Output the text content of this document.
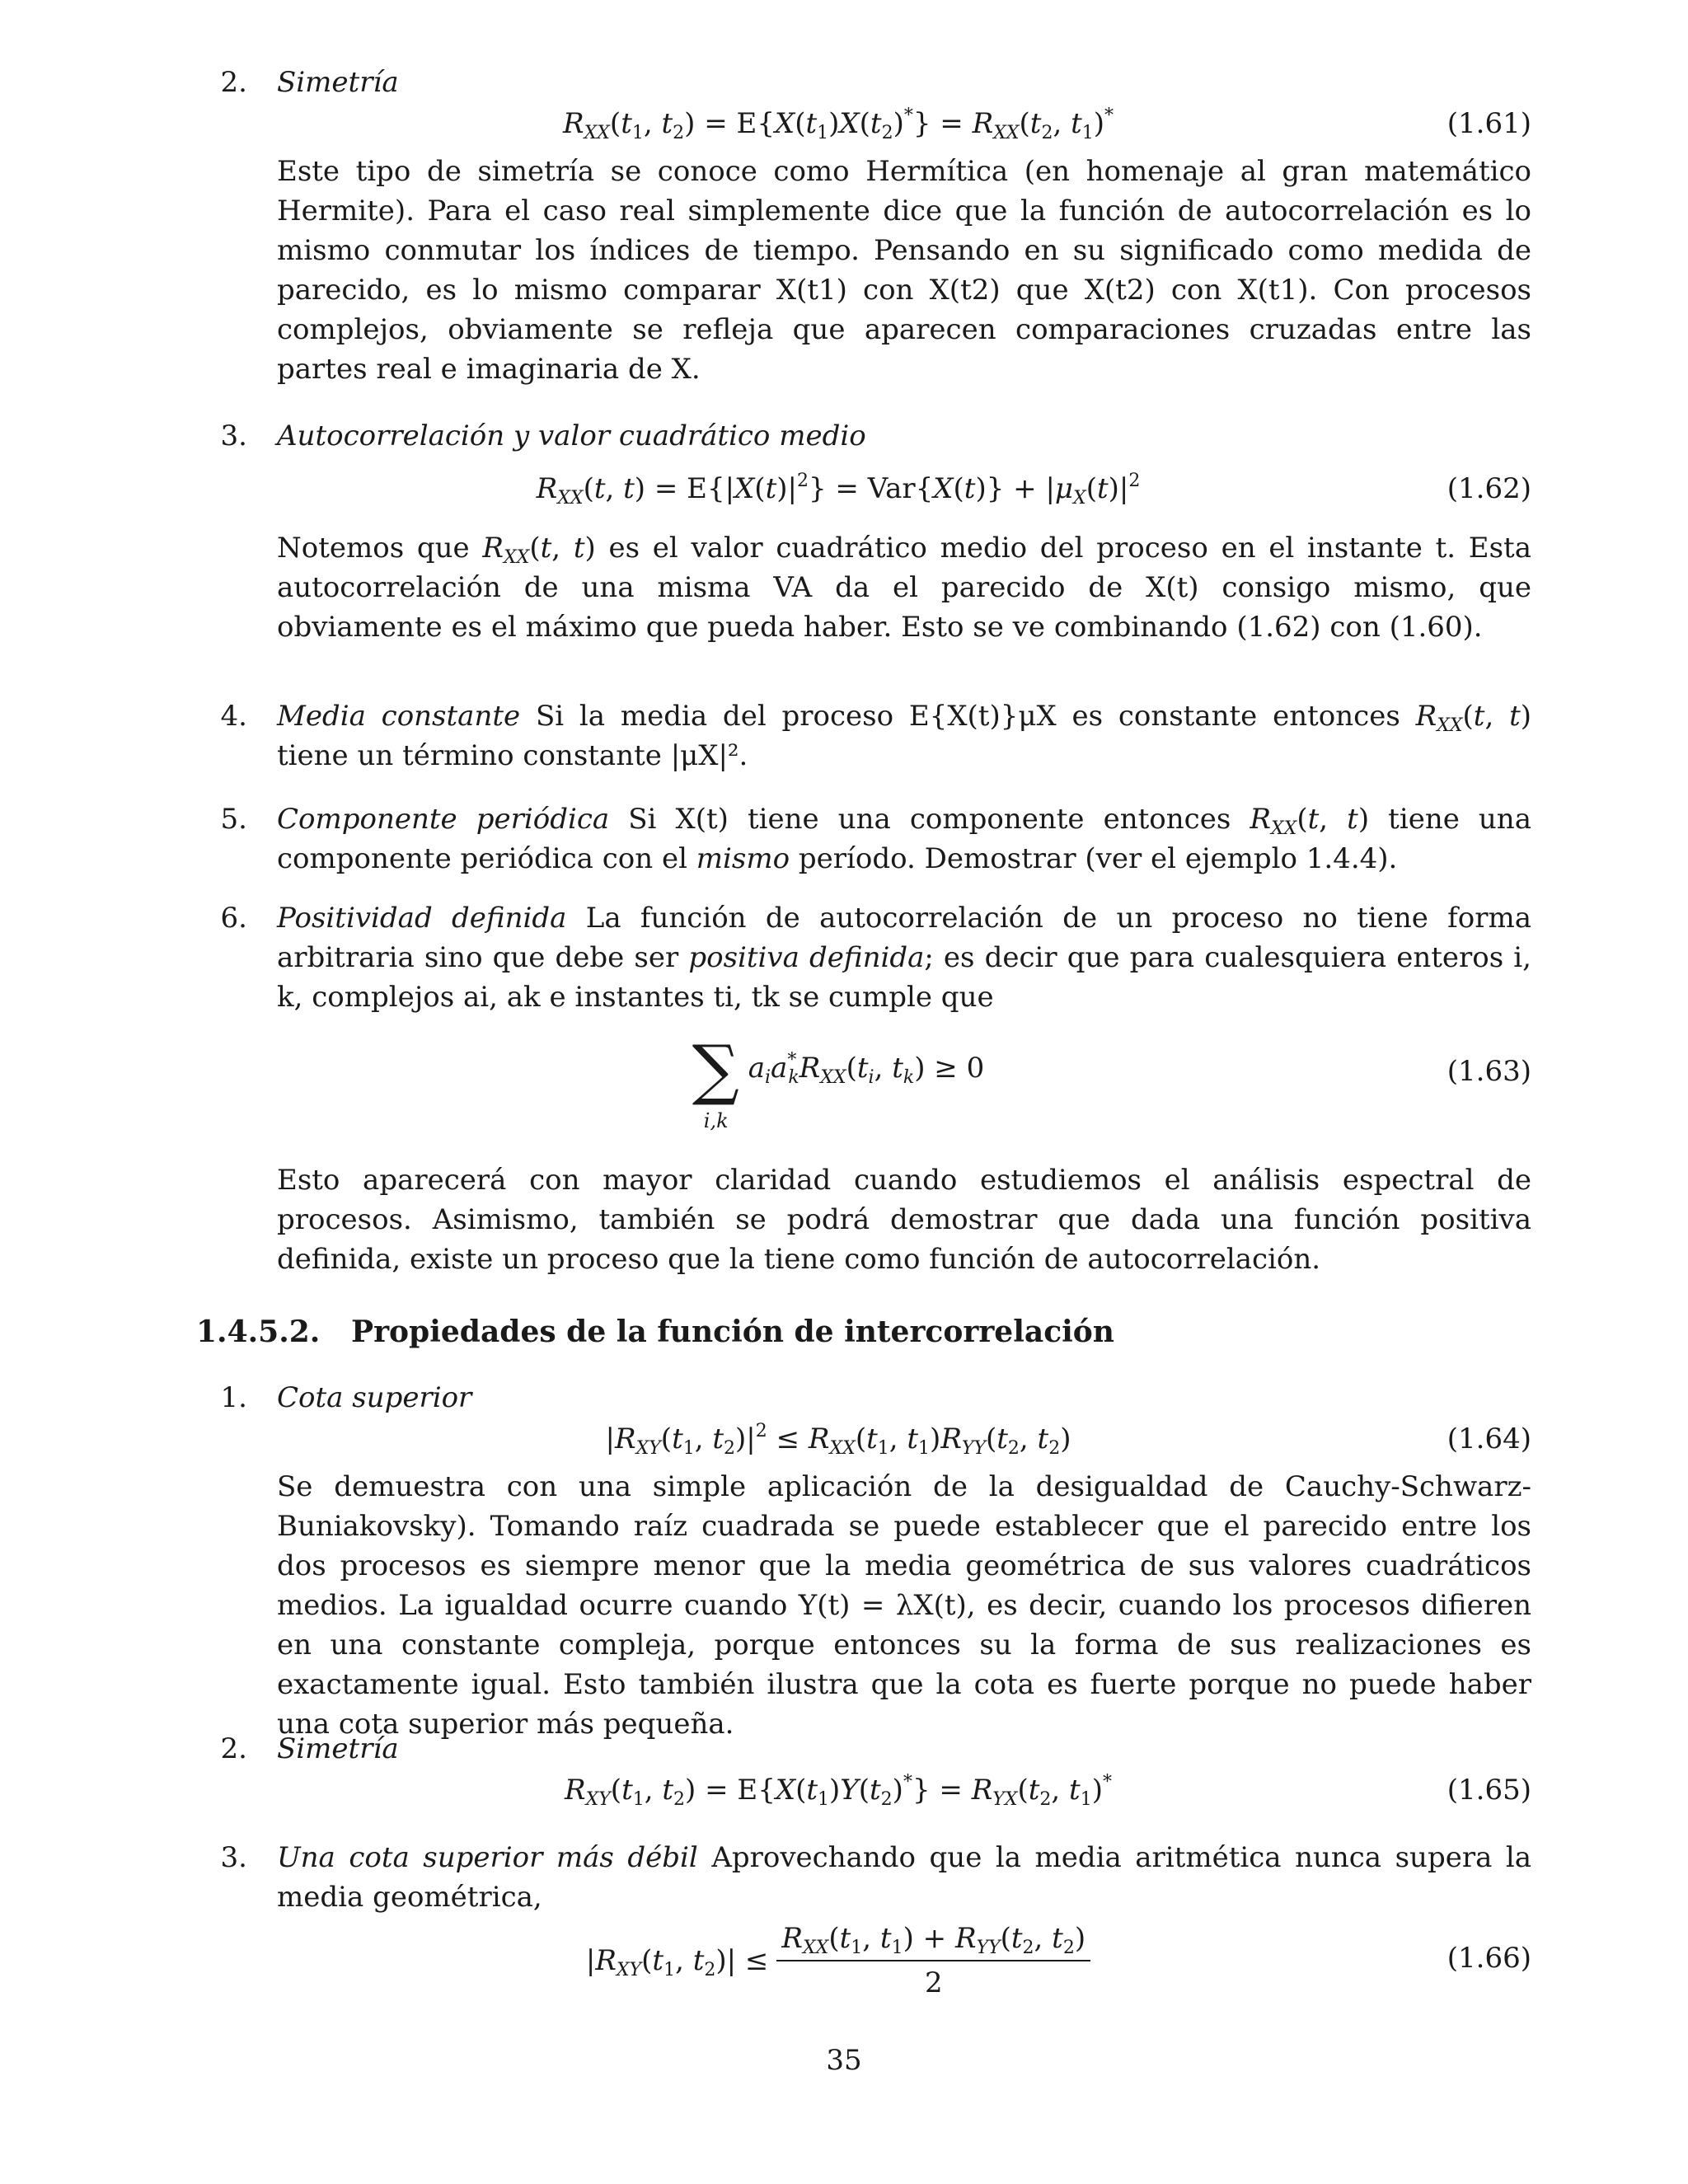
2. Simetría
$R_{XX}(t_1$, $t_2) = E\{X(t_1)X(t_2)^*\} = R_{XX}(t_2$, $t_1)^*$	(1.61)

Este tipo de simetría se conoce como Hermítica (en homenaje al gran matemático Hermite). Para el caso real simplemente dice que la función de autocorrelación es lo mismo conmutar los índices de tiempo. Pensando en su significado como medida de parecido, es lo mismo comparar X(t1) con X(t2) que X(t2) con X(t1). Con procesos complejos, obviamente se refleja que aparecen comparaciones cruzadas entre las partes real e imaginaria de X.

3. Autocorrelación y valor cuadrático medio
$R_{XX}(t$, $t) = E\{|X(t)|^2\} = Var\{X(t)\} + |\mu_X(t)|^2$	(1.62)

Notemos que $R_{XX}(t$, t) es el valor cuadrático medio del proceso en el instante t. Esta autocorrelación de una misma VA da el parecido de X(t) consigo mismo, que obviamente es el máximo que pueda haber. Esto se ve combinando (1.62) con (1.60).

4. Media constante Si la media del proceso E{X(t)}μX es constante entonces $R_{XX}(t$, t) tiene un término constante |μX|².

5. Componente periódica Si X(t) tiene una componente entonces $R_{XX}(t$, t) tiene una componente periódica con el mismo período. Demostrar (ver el ejemplo 1.4.4).

6. Positividad definida La función de autocorrelación de un proceso no tiene forma arbitraria sino que debe ser positiva definida; es decir que para cualesquiera enteros i, k, complejos ai, ak e instantes ti, tk se cumple que

∑
i,k
$a_ia^*_kR_{XX}(t_i$, $t_k) \ge 0$	(1.63)

Esto aparecerá con mayor claridad cuando estudiemos el análisis espectral de procesos. Asimismo, también se podrá demostrar que dada una función positiva definida, existe un proceso que la tiene como función de autocorrelación.

1.4.5.2. Propiedades de la función de intercorrelación
1. Cota superior
$|R_{XY}(t_1$, $t_2)|^2 \le R_{XX}(t_1$, $t_1)R_{YY}(t_2$, $t_2$)	(1.64)

Se demuestra con una simple aplicación de la desigualdad de Cauchy-Schwarz-Buniakovsky). Tomando raíz cuadrada se puede establecer que el parecido entre los dos procesos es siempre menor que la media geométrica de sus valores cuadráticos medios. La igualdad ocurre cuando Y(t) = λX(t), es decir, cuando los procesos difieren en una constante compleja, porque entonces su la forma de sus realizaciones es exactamente igual. Esto también ilustra que la cota es fuerte porque no puede haber una cota superior más pequeña.

2. Simetría
$R_{XY}(t_1$, $t_2) = E\{X(t_1)Y(t_2)^*\} = R_{YX}(t_2$, $t_1)^*$	(1.65)
3. Una cota superior más débil Aprovechando que la media aritmética nunca supera la media geométrica,

$|R_{XY}(t_1$, $t_2)| \le \frac{R_{XX}(t_1, t_1) + R_{YY}(t_2, t_2)}{2}$	(1.66)
35
